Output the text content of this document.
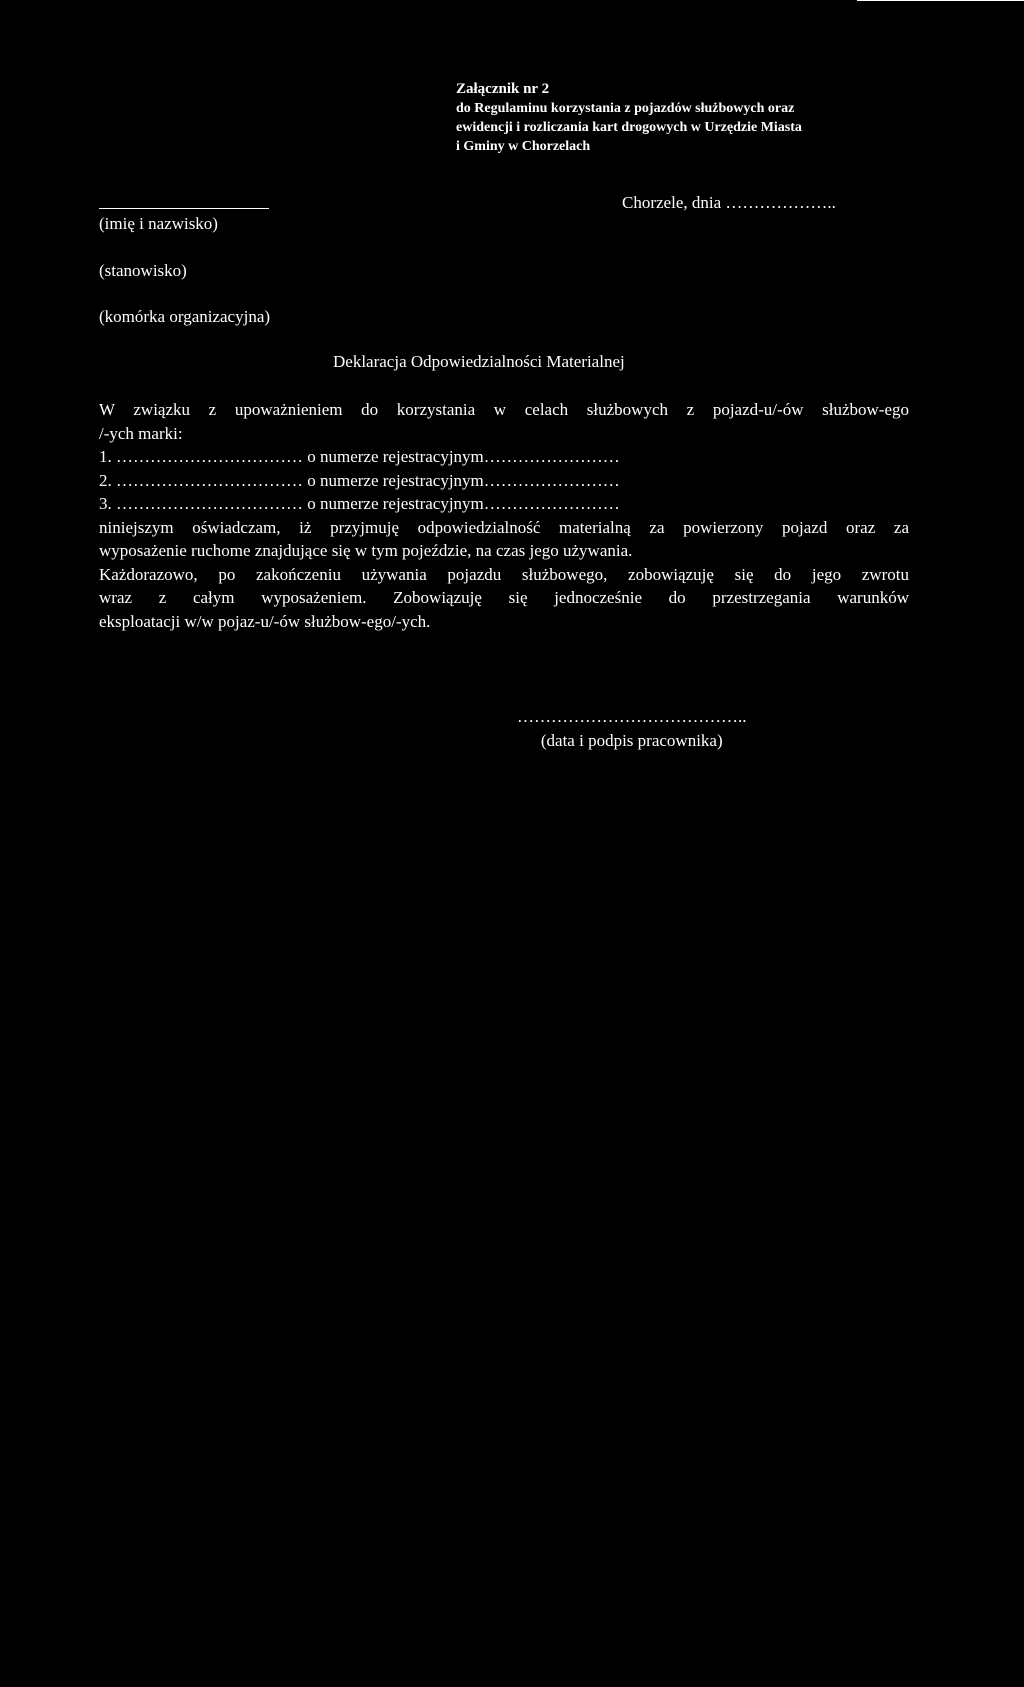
Załącznik nr 2
do Regulaminu korzystania z pojazdów służbowych oraz
ewidencji i rozliczania kart drogowych w Urzędzie Miasta
i Gminy w Chorzelach
(imię i nazwisko)
(stanowisko)
(komórka organizacyjna)
Chorzele, dnia ………………..
Deklaracja Odpowiedzialności Materialnej
W związku z upoważnieniem do korzystania w celach służbowych z pojazd-u/-ów służbow-ego
/-ych marki:
1. …………………………… o numerze rejestracyjnym……………………
2. …………………………… o numerze rejestracyjnym……………………
3. …………………………… o numerze rejestracyjnym……………………
niniejszym oświadczam, iż przyjmuję odpowiedzialność materialną za powierzony pojazd oraz za
wyposażenie ruchome znajdujące się w tym pojeździe, na czas jego używania.
Każdorazowo, po zakończeniu używania pojazdu służbowego, zobowiązuję się do jego zwrotu
wraz z całym wyposażeniem. Zobowiązuję się jednocześnie do przestrzegania warunków
eksploatacji w/w pojaz-u/-ów służbow-ego/-ych.
…………………………………..
(data i podpis pracownika)
